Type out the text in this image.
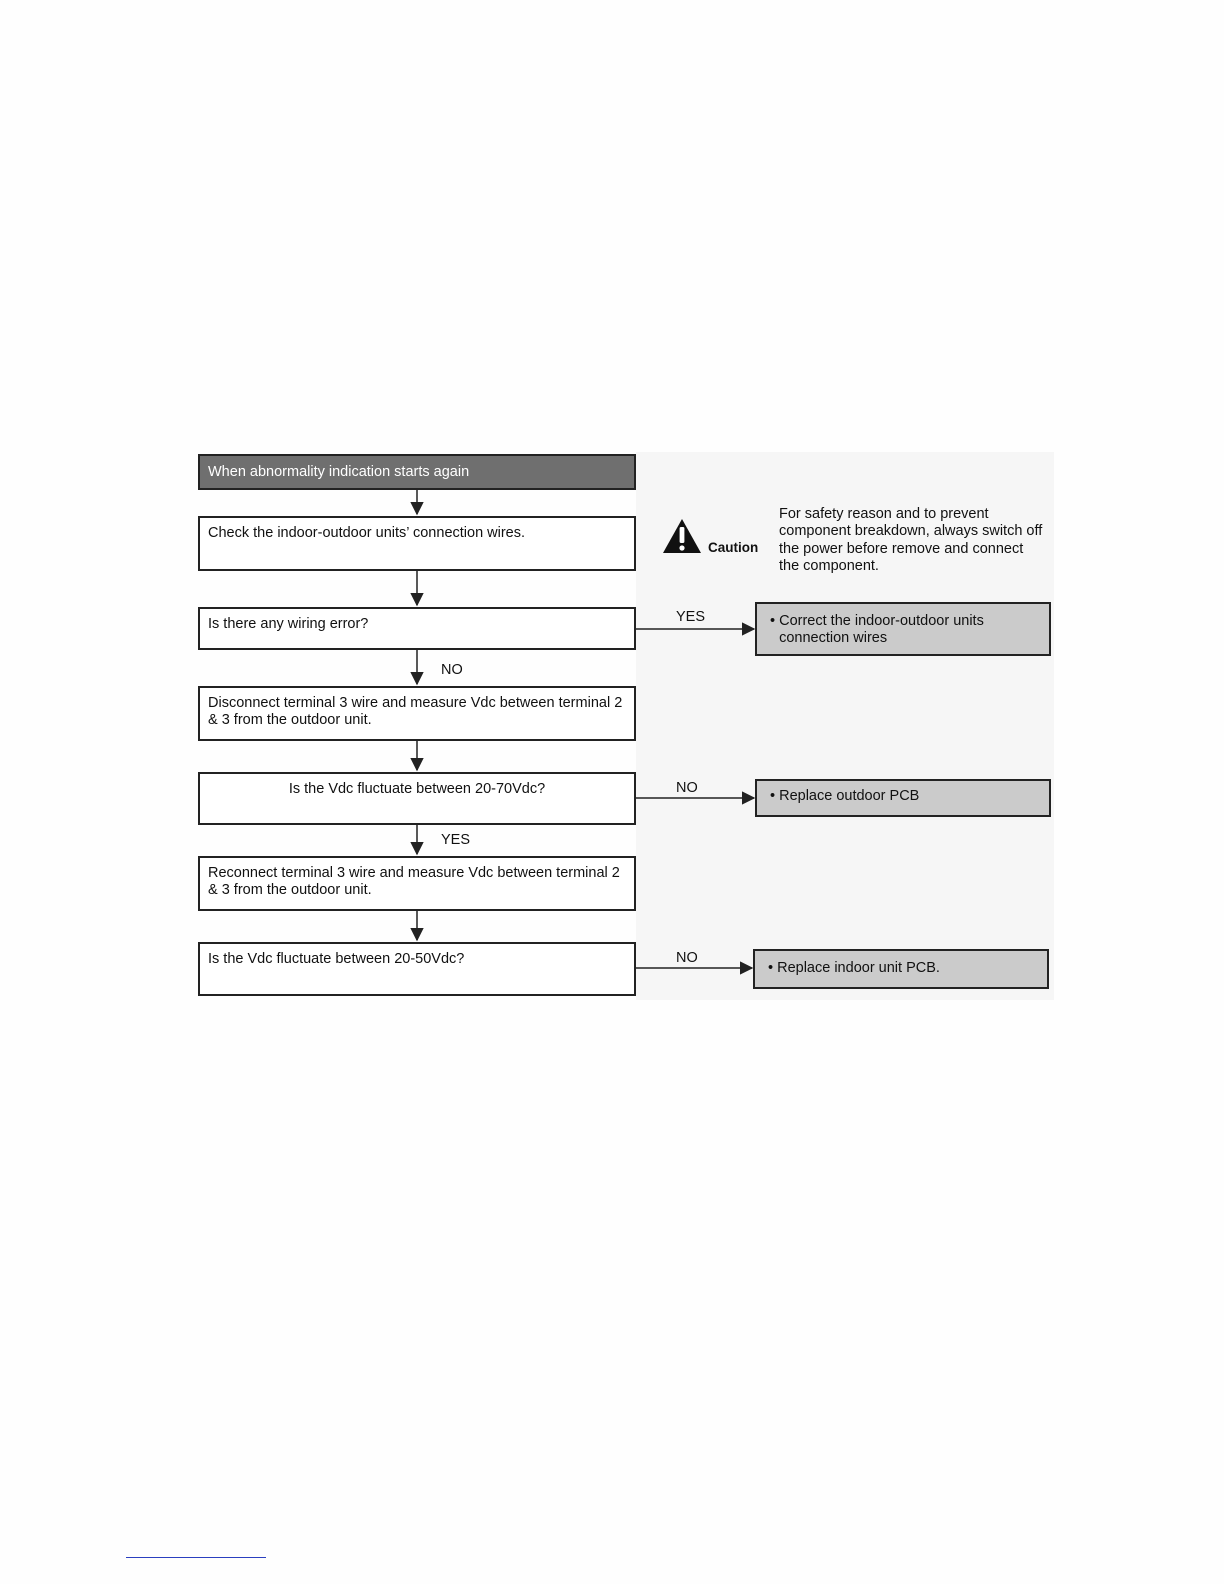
When abnormality indication starts again
Check the indoor-outdoor units’ connection wires.
Is there any wiring error?
Disconnect terminal 3 wire and measure Vdc between terminal 2 & 3 from the outdoor unit.
Is the Vdc fluctuate between 20-70Vdc?
Reconnect terminal 3 wire and measure Vdc between terminal 2 & 3 from the outdoor unit.
Is the Vdc fluctuate between 20-50Vdc?
• Correct the indoor-outdoor units connection wires
• Replace outdoor PCB
• Replace indoor unit PCB.
YES
NO
NO
YES
NO
Caution
For safety reason and to prevent component breakdown, always switch off the power before remove and connect the component.
